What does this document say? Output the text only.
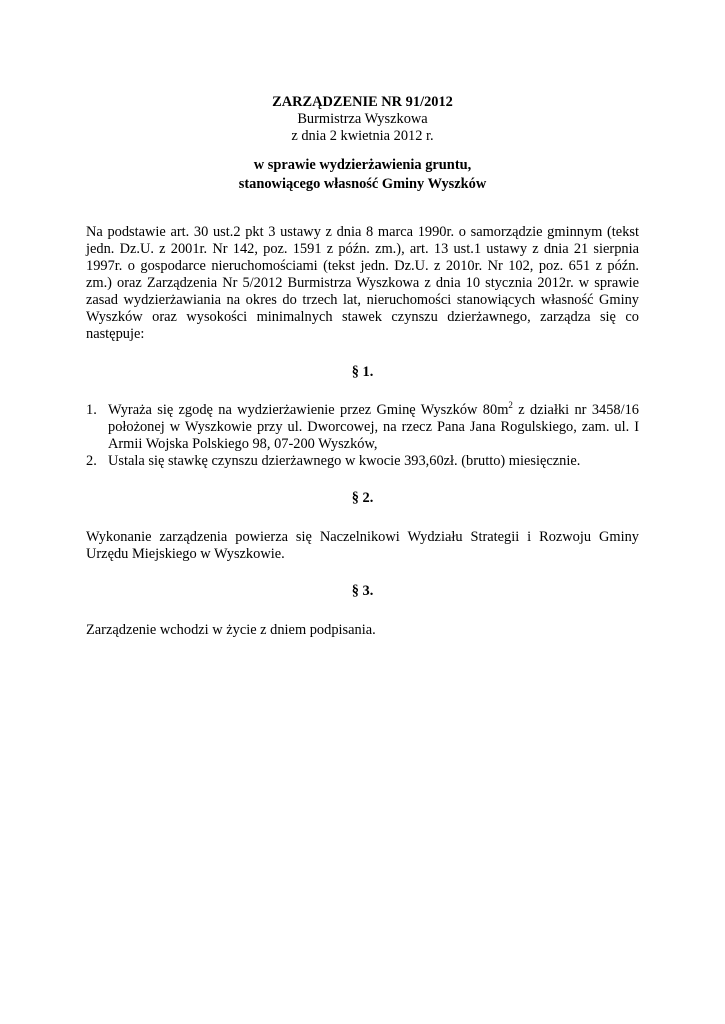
ZARZĄDZENIE NR 91/2012
Burmistrza Wyszkowa
z dnia 2 kwietnia 2012 r.
w sprawie wydzierżawienia gruntu,
stanowiącego własność Gminy Wyszków

Na podstawie art. 30 ust.2 pkt 3 ustawy z dnia 8 marca 1990r. o samorządzie gminnym (tekst jedn. Dz.U. z 2001r. Nr 142, poz. 1591 z późn. zm.), art. 13 ust.1 ustawy z dnia 21 sierpnia 1997r. o gospodarce nieruchomościami (tekst jedn. Dz.U. z 2010r. Nr 102, poz. 651 z późn. zm.) oraz Zarządzenia Nr 5/2012 Burmistrza Wyszkowa z dnia 10 stycznia 2012r. w sprawie zasad wydzierżawiania na okres do trzech lat, nieruchomości stanowiących własność Gminy Wyszków oraz wysokości minimalnych stawek czynszu dzierżawnego, zarządza się co następuje:

§ 1.
1. Wyraża się zgodę na wydzierżawienie przez Gminę Wyszków $80m^2$ z działki nr 3458/16 położonej w Wyszkowie przy ul. Dworcowej, na rzecz Pana Jana Rogulskiego, zam. ul. I Armii Wojska Polskiego 98, 07-200 Wyszków,
2. Ustala się stawkę czynszu dzierżawnego w kwocie 393,60zł. (brutto) miesięcznie.
§ 2.

Wykonanie zarządzenia powierza się Naczelnikowi Wydziału Strategii i Rozwoju Gminy Urzędu Miejskiego w Wyszkowie.

§ 3.

Zarządzenie wchodzi w życie z dniem podpisania.
